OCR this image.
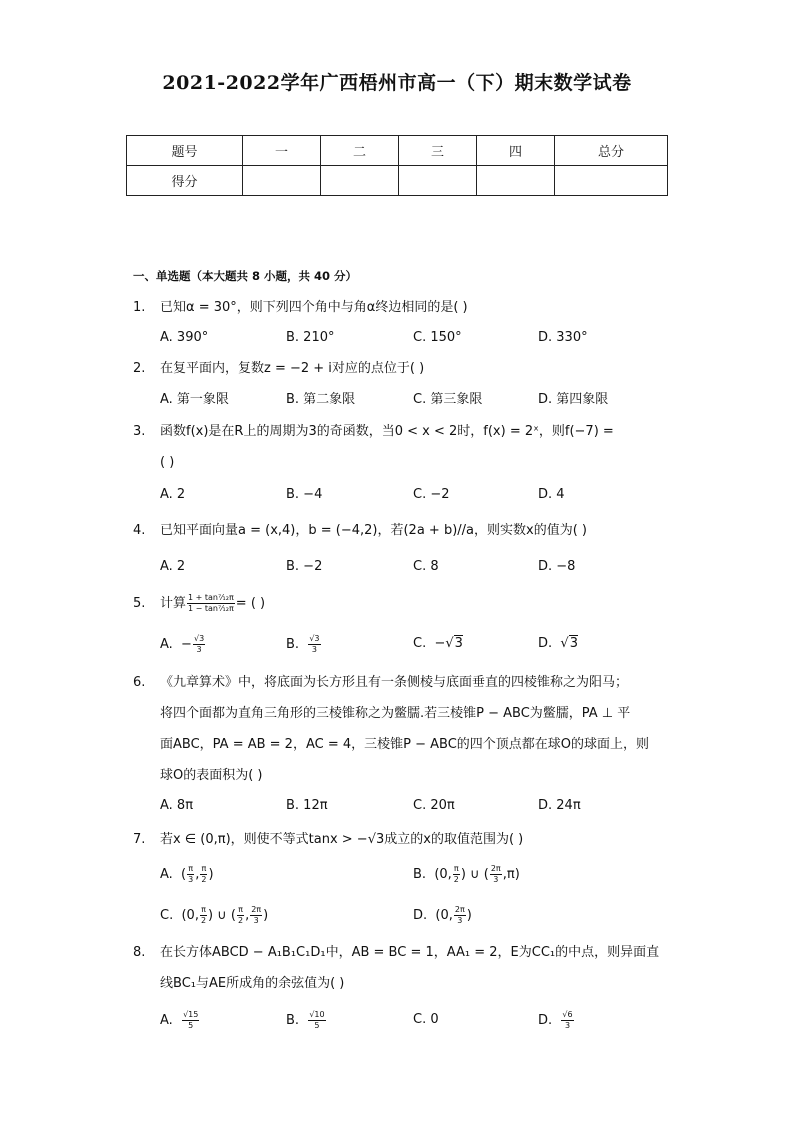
2021-2022学年广西梧州市高一（下）期末数学试卷
题号	一	二	三	四	总分
得分					
一、单选题（本大题共 8 小题，共 40 分）
1. 已知α = 30°，则下列四个角中与角α终边相同的是( )
A. 390°	B. 210°	C. 150°	D. 330°
2. 在复平面内，复数z = −2 + i对应的点位于( )
A. 第一象限	B. 第二象限	C. 第三象限	D. 第四象限
3. 函数f(x)是在R上的周期为3的奇函数，当0 < x < 2时，f(x) = 2ˣ，则f(−7) =
( )
A. 2	B. −4	C. −2	D. 4
4. 已知平面向量a = (x,4)，b = (−4,2)，若(2a + b)//a，则实数x的值为( )
A. 2	B. −2	C. 8	D. −8
5. 计算 $\frac{\text{1 + tan⁷⁄₁₂π}}{\text{1 − tan⁷⁄₁₂π}}$ = ( )
A.  − $\frac{√3}{3}$	B. $\frac{√3}{3}$	C.  −√3	D.  √3
6. 《九章算术》中，将底面为长方形且有一条侧棱与底面垂直的四棱锥称之为阳马；
将四个面都为直角三角形的三棱锥称之为鳖臑.若三棱锥P − ABC为鳖臑，PA ⊥ 平
面ABC，PA = AB = 2，AC = 4，三棱锥P − ABC的四个顶点都在球O的球面上，则
球O的表面积为( )
A. 8π	B. 12π	C. 20π	D. 24π
7. 若x ∈ (0,π)，则使不等式tanx > −√3成立的x的取值范围为( )
A.  ( $\frac{\pi}{3}$ , $\frac{\pi}{2}$ )	B.  (0, $\frac{\pi}{2}$ ) ∪ ( $\frac{2\pi}{3} ,\pi$)
C.  (0, $\frac{\pi}{2}$ ) ∪ ( $\frac{\pi}{2}$ , $\frac{2\pi}{3}$ )	D.  (0, $\frac{2\pi}{3}$ )
8. 在长方体ABCD − A₁B₁C₁D₁中，AB = BC = 1，AA₁ = 2，E为CC₁的中点，则异面直
线BC₁与AE所成角的余弦值为( )
A. $\frac{√15}{5}$	B. $\frac{√10}{5}$	C. 0	D. $\frac{√6}{3}$
